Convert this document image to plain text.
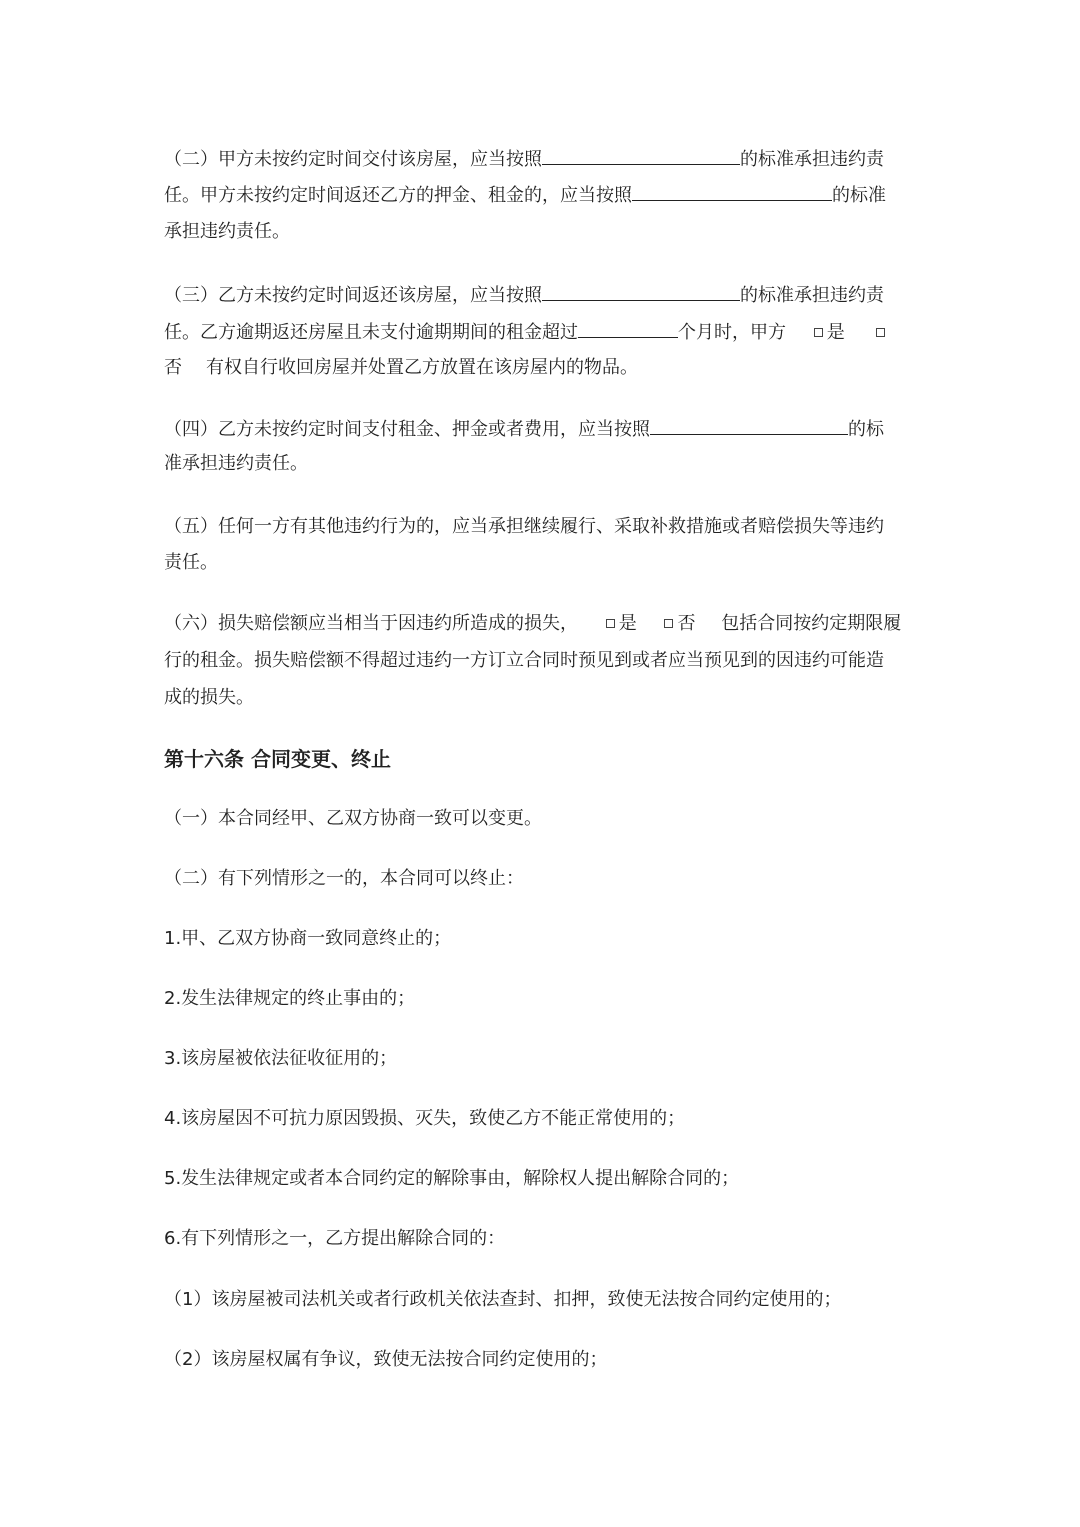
（二）甲方未按约定时间交付该房屋，应当按照	的标准承担违约责
任。甲方未按约定时间返还乙方的押金、租金的，应当按照	的标准
承担违约责任。
（三）乙方未按约定时间返还该房屋，应当按照	的标准承担违约责
任。乙方逾期返还房屋且未支付逾期期间的租金超过	个月时，甲方 是
否 有权自行收回房屋并处置乙方放置在该房屋内的物品。
（四）乙方未按约定时间支付租金、押金或者费用，应当按照	的标
准承担违约责任。
（五）任何一方有其他违约行为的，应当承担继续履行、采取补救措施或者赔偿损失等违约
责任。
（六）损失赔偿额应当相当于因违约所造成的损失， 是 否 包括合同按约定期限履
行的租金。损失赔偿额不得超过违约一方订立合同时预见到或者应当预见到的因违约可能造
成的损失。
第十六条 合同变更、终止
（一）本合同经甲、乙双方协商一致可以变更。
（二）有下列情形之一的，本合同可以终止：
1.甲、乙双方协商一致同意终止的；
2.发生法律规定的终止事由的；
3.该房屋被依法征收征用的；
4.该房屋因不可抗力原因毁损、灭失，致使乙方不能正常使用的；
5.发生法律规定或者本合同约定的解除事由，解除权人提出解除合同的；
6.有下列情形之一，乙方提出解除合同的：
（1）该房屋被司法机关或者行政机关依法查封、扣押，致使无法按合同约定使用的；
（2）该房屋权属有争议，致使无法按合同约定使用的；
